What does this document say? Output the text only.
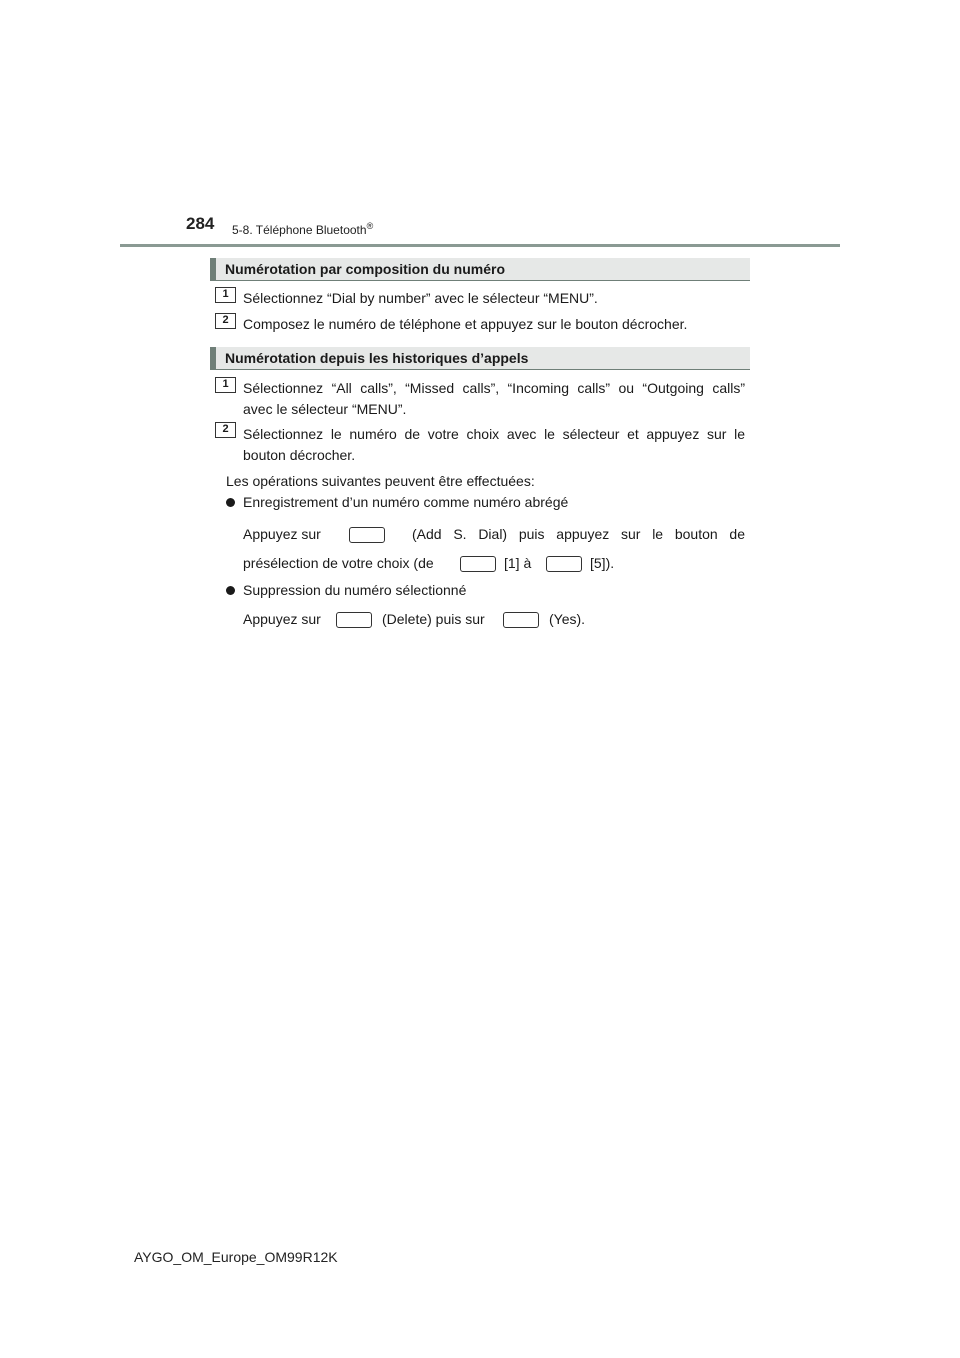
284 5-8. Téléphone Bluetooth®
Numérotation par composition du numéro
1	Sélectionnez “Dial by number” avec le sélecteur “MENU”.
2	Composez le numéro de téléphone et appuyez sur le bouton décrocher.
Numérotation depuis les historiques d’appels
1	Sélectionnez “All calls”, “Missed calls”, “Incoming calls” ou “Outgoing calls”
avec le sélecteur “MENU”.
2	Sélectionnez le numéro de votre choix avec le sélecteur et appuyez sur le
bouton décrocher.
Les opérations suivantes peuvent être effectuées:
Enregistrement d’un numéro comme numéro abrégé
Appuyez sur	(Add S. Dial) puis appuyez sur le bouton de
présélection de votre choix (de	[1] à	[5]).
Suppression du numéro sélectionné
Appuyez sur	(Delete) puis sur	(Yes).
AYGO_OM_Europe_OM99R12K
